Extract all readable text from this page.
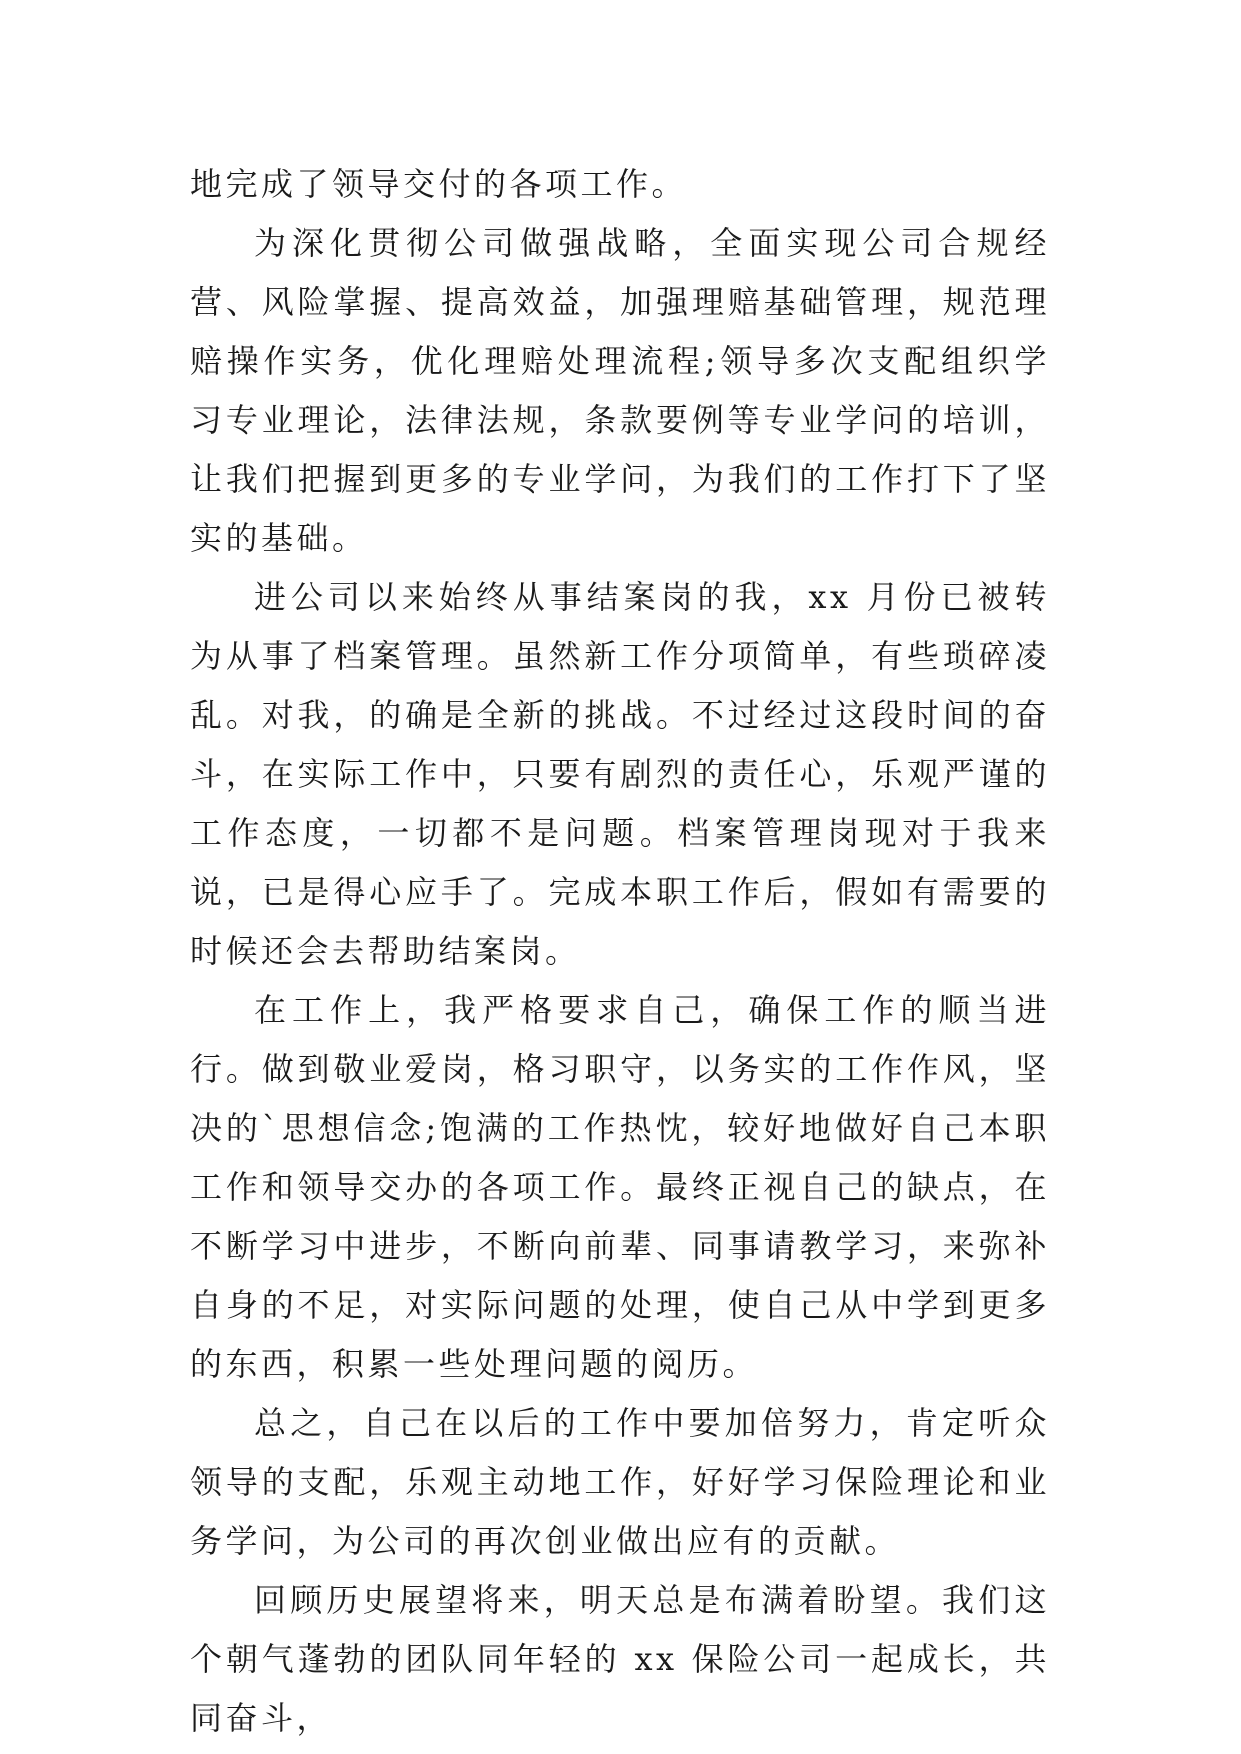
地完成了领导交付的各项工作。

为深化贯彻公司做强战略，全面实现公司合规经营、风险掌握、提高效益，加强理赔基础管理，规范理赔操作实务，优化理赔处理流程;领导多次支配组织学习专业理论，法律法规，条款要例等专业学问的培训，让我们把握到更多的专业学问，为我们的工作打下了坚实的基础。

进公司以来始终从事结案岗的我，xx 月份已被转为从事了档案管理。虽然新工作分项简单，有些琐碎凌乱。对我，的确是全新的挑战。不过经过这段时间的奋斗，在实际工作中，只要有剧烈的责任心，乐观严谨的工作态度，一切都不是问题。档案管理岗现对于我来说，已是得心应手了。完成本职工作后，假如有需要的时候还会去帮助结案岗。

在工作上，我严格要求自己，确保工作的顺当进行。做到敬业爱岗，格习职守，以务实的工作作风，坚决的`思想信念;饱满的工作热忱，较好地做好自己本职工作和领导交办的各项工作。最终正视自己的缺点，在不断学习中进步，不断向前辈、同事请教学习，来弥补自身的不足，对实际问题的处理，使自己从中学到更多的东西，积累一些处理问题的阅历。

总之，自己在以后的工作中要加倍努力，肯定听众领导的支配，乐观主动地工作，好好学习保险理论和业务学问，为公司的再次创业做出应有的贡献。

回顾历史展望将来，明天总是布满着盼望。我们这个朝气蓬勃的团队同年轻的 xx 保险公司一起成长，共同奋斗，
